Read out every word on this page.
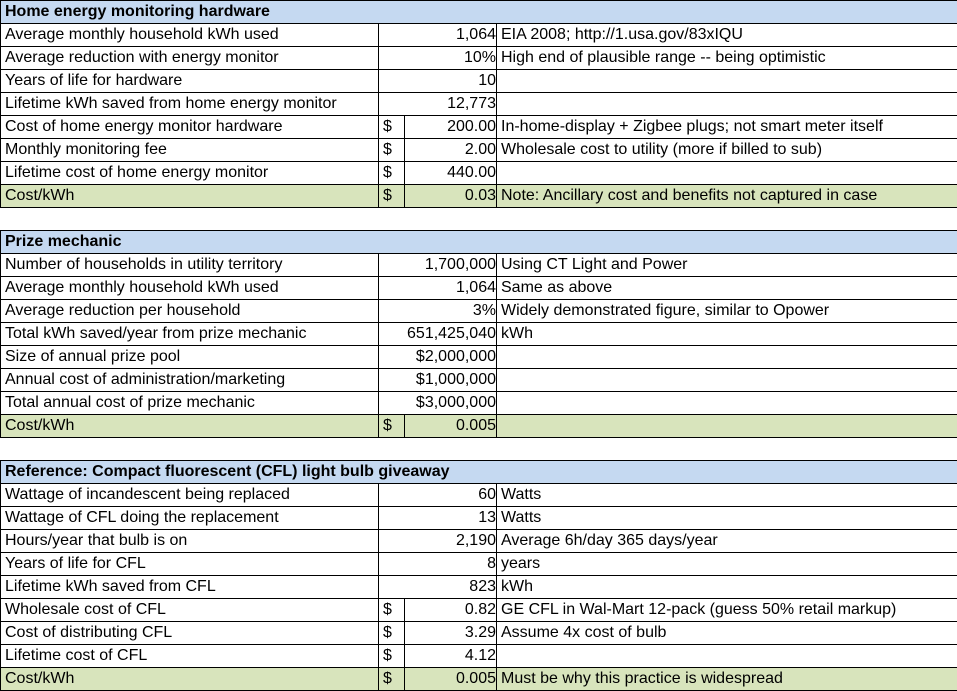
Home energy monitoring hardware			
Average monthly household kWh used	1,064		EIA 2008; http://1.usa.gov/83xIQU
Average reduction with energy monitor	10%		High end of plausible range -- being optimistic
Years of life for hardware	10		
Lifetime kWh saved from home energy monitor	12,773		
Cost of home energy monitor hardware	$	200.00	In-home-display + Zigbee plugs; not smart meter itself
Monthly monitoring fee	$	2.00	Wholesale cost to utility (more if billed to sub)
Lifetime cost of home energy monitor	$	440.00	
Cost/kWh	$	0.03	Note: Ancillary cost and benefits not captured in case

Prize mechanic			
Number of households in utility territory	1,700,000		Using CT Light and Power
Average monthly household kWh used	1,064		Same as above
Average reduction per household	3%		Widely demonstrated figure, similar to Opower
Total kWh saved/year from prize mechanic	651,425,040		kWh
Size of annual prize pool	$2,000,000		
Annual cost of administration/marketing	$1,000,000		
Total annual cost of prize mechanic	$3,000,000		
Cost/kWh	$	0.005	

Reference: Compact fluorescent (CFL) light bulb giveaway			
Wattage of incandescent being replaced	60		Watts
Wattage of CFL doing the replacement	13		Watts
Hours/year that bulb is on	2,190		Average 6h/day 365 days/year
Years of life for CFL	8		years
Lifetime kWh saved from CFL	823		kWh
Wholesale cost of CFL	$	0.82	GE CFL in Wal-Mart 12-pack (guess 50% retail markup)
Cost of distributing CFL	$	3.29	Assume 4x cost of bulb
Lifetime cost of CFL	$	4.12	
Cost/kWh	$	0.005	Must be why this practice is widespread
